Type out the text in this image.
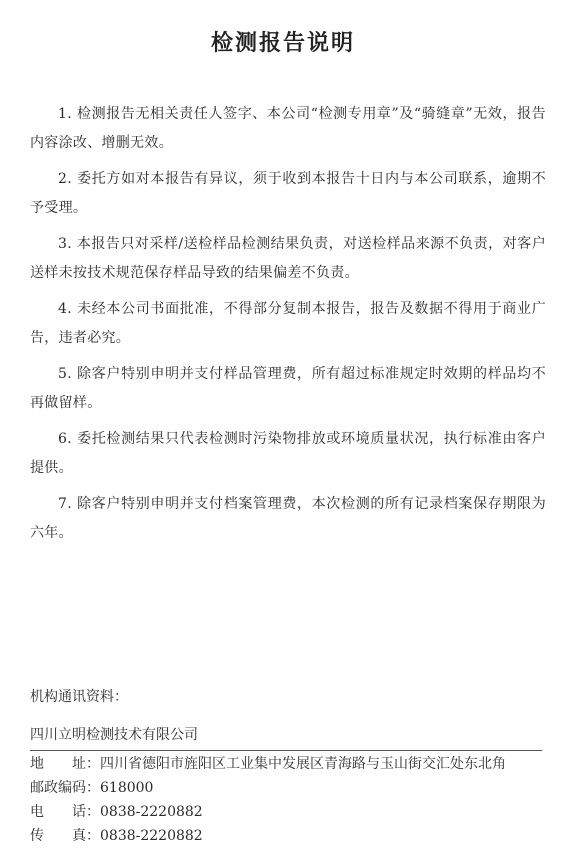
检测报告说明
1. 检测报告无相关责任人签字、本公司“检测专用章”及“骑缝章”无效，报告内容涂改、增删无效。
2. 委托方如对本报告有异议，须于收到本报告十日内与本公司联系，逾期不予受理。
3. 本报告只对采样/送检样品检测结果负责，对送检样品来源不负责，对客户送样未按技术规范保存样品导致的结果偏差不负责。
4. 未经本公司书面批准，不得部分复制本报告，报告及数据不得用于商业广告，违者必究。
5. 除客户特别申明并支付样品管理费，所有超过标准规定时效期的样品均不再做留样。
6. 委托检测结果只代表检测时污染物排放或环境质量状况，执行标准由客户提供。
7. 除客户特别申明并支付档案管理费，本次检测的所有记录档案保存期限为六年。
机构通讯资料：
四川立明检测技术有限公司
地　　址：四川省德阳市旌阳区工业集中发展区青海路与玉山街交汇处东北角
邮政编码：618000
电　　话：0838-2220882
传　　真：0838-2220882
